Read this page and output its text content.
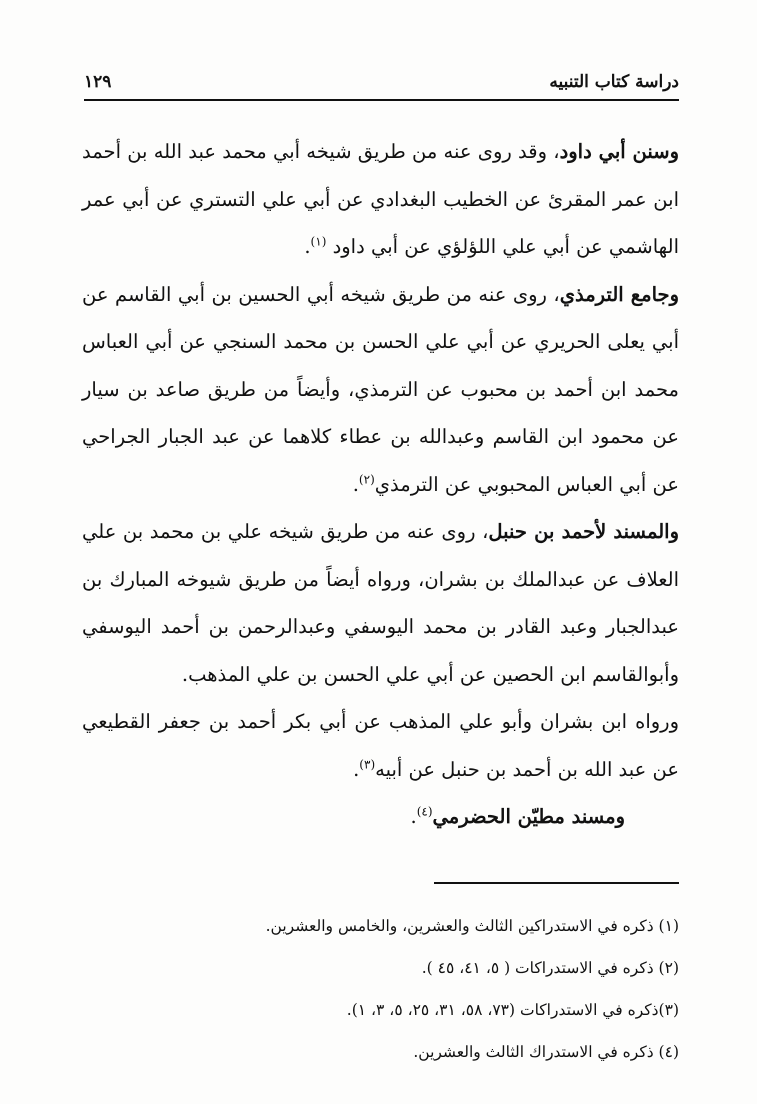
دراسة كتاب التنبيه
١٢٩

وسنن أبي داود، وقد روى عنه من طريق شيخه أبي محمد عبد الله بن أحمد ابن عمر المقرئ عن الخطيب البغدادي عن أبي علي التستري عن أبي عمر الهاشمي عن أبي علي اللؤلؤي عن أبي داود $^{(١)}$.

وجامع الترمذي، روى عنه من طريق شيخه أبي الحسين بن أبي القاسم عن أبي يعلى الحريري عن أبي علي الحسن بن محمد السنجي عن أبي العباس محمد ابن أحمد بن محبوب عن الترمذي، وأيضاً من طريق صاعد بن سيار عن محمود ابن القاسم وعبدالله بن عطاء كلاهما عن عبد الجبار الجراحي عن أبي العباس المحبوبي عن الترمذي$^{(٢)}$.

والمسند لأحمد بن حنبل، روى عنه من طريق شيخه علي بن محمد بن علي العلاف عن عبدالملك بن بشران، ورواه أيضاً من طريق شيوخه المبارك بن عبدالجبار وعبد القادر بن محمد اليوسفي وعبدالرحمن بن أحمد اليوسفي وأبوالقاسم ابن الحصين عن أبي علي الحسن بن علي المذهب.

ورواه ابن بشران وأبو علي المذهب عن أبي بكر أحمد بن جعفر القطيعي عن عبد الله بن أحمد بن حنبل عن أبيه$^{(٣)}$.

ومسند مطيّن الحضرمي$^{(٤)}$.

(١) ذكره في الاستدراكين الثالث والعشرين، والخامس والعشرين.

(٢) ذكره في الاستدراكات ( ٥، ٤١، ٤٥ ).

(٣)ذكره في الاستدراكات (٧٣، ٥٨، ٣١، ٢٥، ٥، ٣، ١).

(٤) ذكره في الاستدراك الثالث والعشرين.
